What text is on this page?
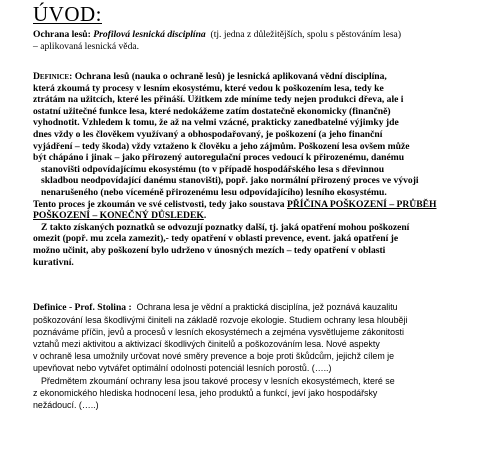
ÚVOD:
Ochrana lesů: Profilová lesnická disciplína (tj. jedna z důležitějších, spolu s pěstováním lesa)
– aplikovaná lesnická věda.
Definice: Ochrana lesů (nauka o ochraně lesů) je lesnická aplikovaná vědní disciplína,
která zkoumá ty procesy v lesním ekosystému, které vedou k poškozením lesa, tedy ke
ztrátám na užitcích, které les přináší. Užitkem zde míníme tedy nejen produkci dřeva, ale i
ostatní užitečné funkce lesa, které nedokážeme zatím dostatečně ekonomicky (finančně)
vyhodnotit. Vzhledem k tomu, že až na velmi vzácné, prakticky zanedbatelné výjimky jde
dnes vždy o les člověkem využívaný a obhospodařovaný, je poškození (a jeho finanční
vyjádření – tedy škoda) vždy vztaženo k člověku a jeho zájmům. Poškození lesa ovšem může
být chápáno i jinak – jako přirozený autoregulační proces vedoucí k přirozenému, danému
stanovišti odpovídajícímu ekosystému (to v případě hospodářského lesa s dřevinnou
skladbou neodpovídající danému stanovišti), popř. jako normální přirozený proces ve vývoji
nenarušeného (nebo víceméně přirozenému lesu odpovídajícího) lesního ekosystému.
Tento proces je zkoumán ve své celistvosti, tedy jako soustava PŘÍČINA POŠKOZENÍ – PRŮBĚH
POŠKOZENÍ – KONEČNÝ DŮSLEDEK.
Z takto získaných poznatků se odvozují poznatky další, tj. jaká opatření mohou poškození
omezit (popř. mu zcela zamezit),- tedy opatření v oblasti prevence, event. jaká opatření je
možno učinit, aby poškození bylo udrženo v únosných mezích – tedy opatření v oblasti
kurativní.
Definice - Prof. Stolina : Ochrana lesa je vědní a praktická disciplína, jež poznává kauzalitu
poškozování lesa škodlivými činiteli na základě rozvoje ekologie. Studiem ochrany lesa hlouběji
poznáváme příčin, jevů a procesů v lesních ekosystémech a zejména vysvětlujeme zákonitosti
vztahů mezi aktivitou a aktivizací škodlivých činitelů a poškozováním lesa. Nové aspekty
v ochraně lesa umožnily určovat nové směry prevence a boje proti škůdcům, jejichž cílem je
upevňovat nebo vytvářet optimální odolnosti potenciál lesních porostů. (…..)
Předmětem zkoumání ochrany lesa jsou takové procesy v lesních ekosystémech, které se
z ekonomického hlediska hodnocení lesa, jeho produktů a funkcí, jeví jako hospodářsky
nežádoucí. (…..)
